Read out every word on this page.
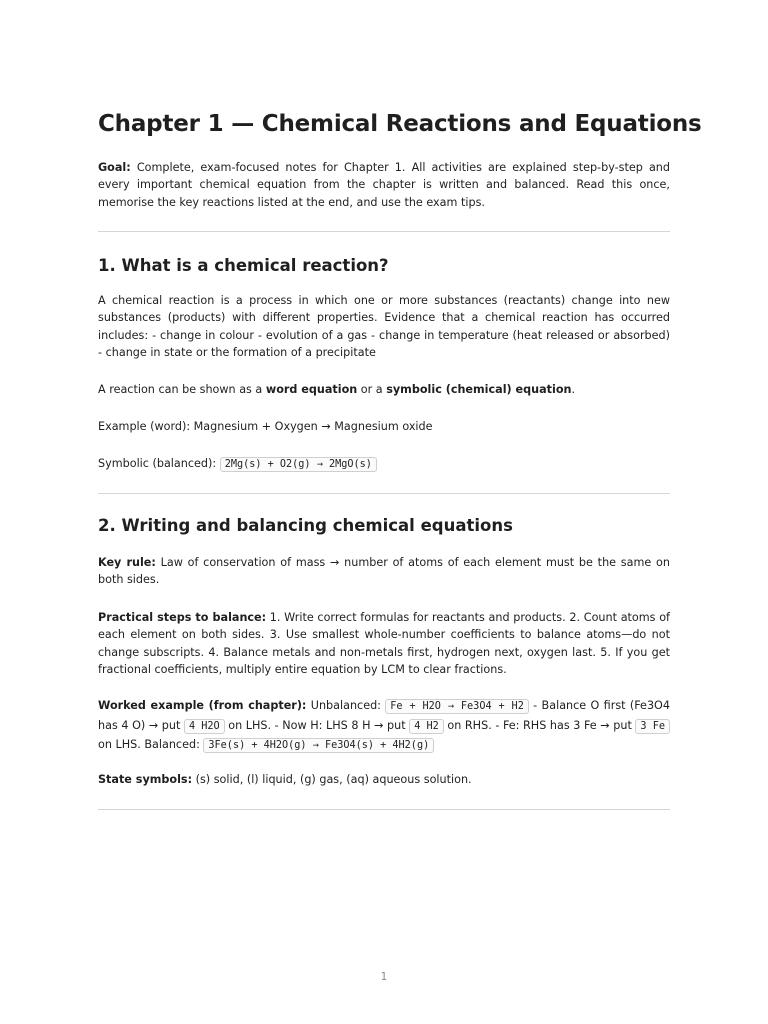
Chapter 1 — Chemical Reactions and Equations

Goal: Complete, exam-focused notes for Chapter 1. All activities are explained step-by-step and every important chemical equation from the chapter is written and balanced. Read this once, memorise the key reactions listed at the end, and use the exam tips.

1. What is a chemical reaction?

A chemical reaction is a process in which one or more substances (reactants) change into new substances (products) with different properties. Evidence that a chemical reaction has occurred includes: - change in colour - evolution of a gas - change in temperature (heat released or absorbed) - change in state or the formation of a precipitate

A reaction can be shown as a word equation or a symbolic (chemical) equation.

Example (word): Magnesium + Oxygen → Magnesium oxide

Symbolic (balanced): 2Mg(s) + O2(g) → 2MgO(s)

2. Writing and balancing chemical equations

Key rule: Law of conservation of mass → number of atoms of each element must be the same on both sides.

Practical steps to balance: 1. Write correct formulas for reactants and products. 2. Count atoms of each element on both sides. 3. Use smallest whole-number coefficients to balance atoms—do not change subscripts. 4. Balance metals and non-metals first, hydrogen next, oxygen last. 5. If you get fractional coefficients, multiply entire equation by LCM to clear fractions.

Worked example (from chapter): Unbalanced: Fe + H2O → Fe3O4 + H2 - Balance O first (Fe3O4 has 4 O) → put 4 H2O on LHS. - Now H: LHS 8 H → put 4 H2 on RHS. - Fe: RHS has 3 Fe → put 3 Fe on LHS. Balanced: 3Fe(s) + 4H2O(g) → Fe3O4(s) + 4H2(g)

State symbols: (s) solid, (l) liquid, (g) gas, (aq) aqueous solution.

1
